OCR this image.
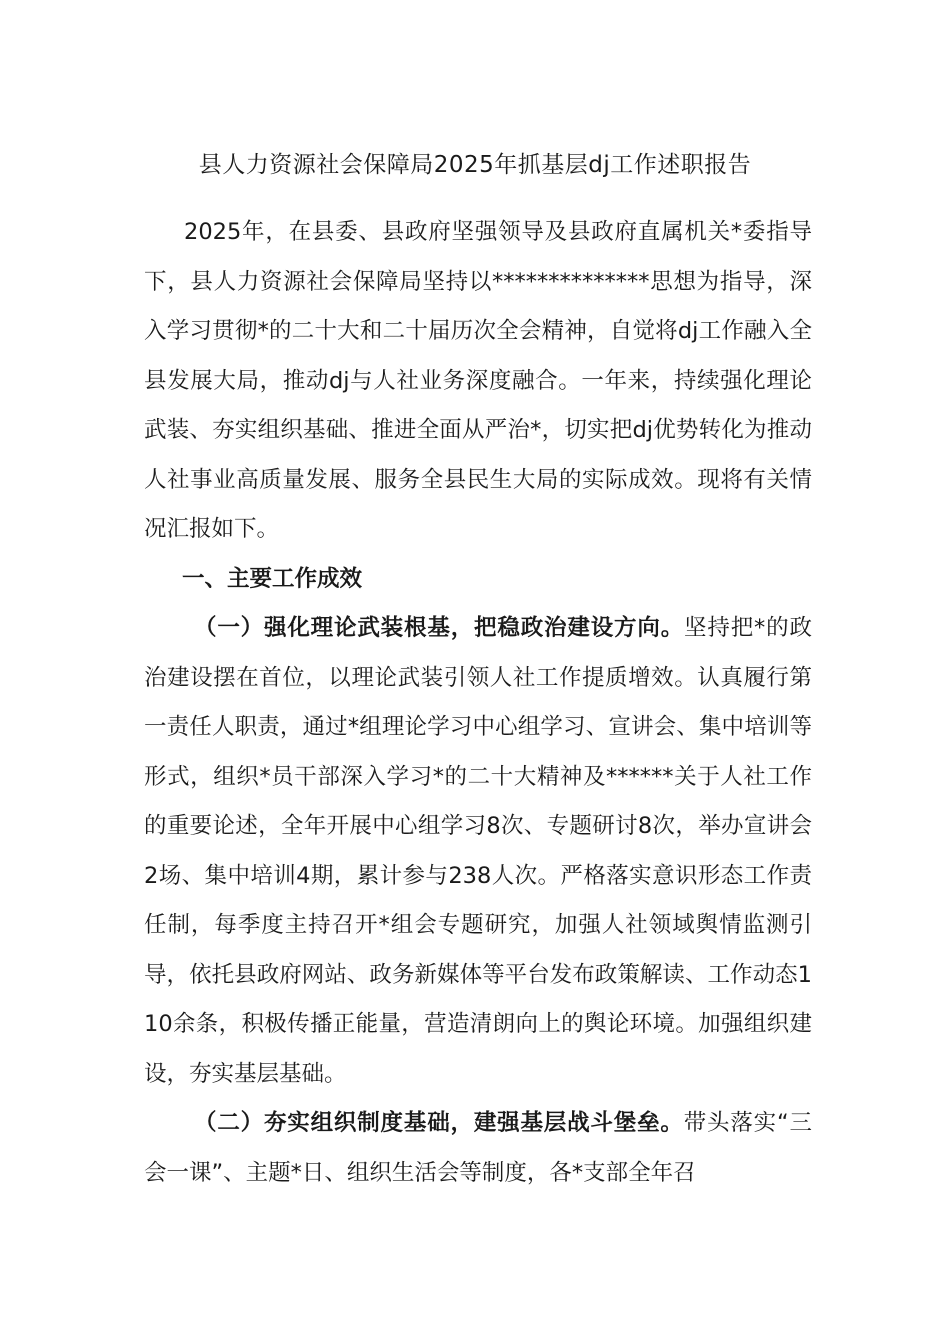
县人力资源社会保障局2025年抓基层dj工作述职报告

2025年，在县委、县政府坚强领导及县政府直属机关*委指导下，县人力资源社会保障局坚持以**************思想为指导，深入学习贯彻*的二十大和二十届历次全会精神，自觉将dj工作融入全县发展大局，推动dj与人社业务深度融合。一年来，持续强化理论武装、夯实组织基础、推进全面从严治*，切实把dj优势转化为推动人社事业高质量发展、服务全县民生大局的实际成效。现将有关情况汇报如下。

一、主要工作成效

（一）强化理论武装根基，把稳政治建设方向。坚持把*的政治建设摆在首位，以理论武装引领人社工作提质增效。认真履行第一责任人职责，通过*组理论学习中心组学习、宣讲会、集中培训等形式，组织*员干部深入学习*的二十大精神及******关于人社工作的重要论述，全年开展中心组学习8次、专题研讨8次，举办宣讲会2场、集中培训4期，累计参与238人次。严格落实意识形态工作责任制，每季度主持召开*组会专题研究，加强人社领域舆情监测引导，依托县政府网站、政务新媒体等平台发布政策解读、工作动态110余条，积极传播正能量，营造清朗向上的舆论环境。加强组织建设，夯实基层基础。

（二）夯实组织制度基础，建强基层战斗堡垒。带头落实“三会一课”、主题*日、组织生活会等制度，各*支部全年召
